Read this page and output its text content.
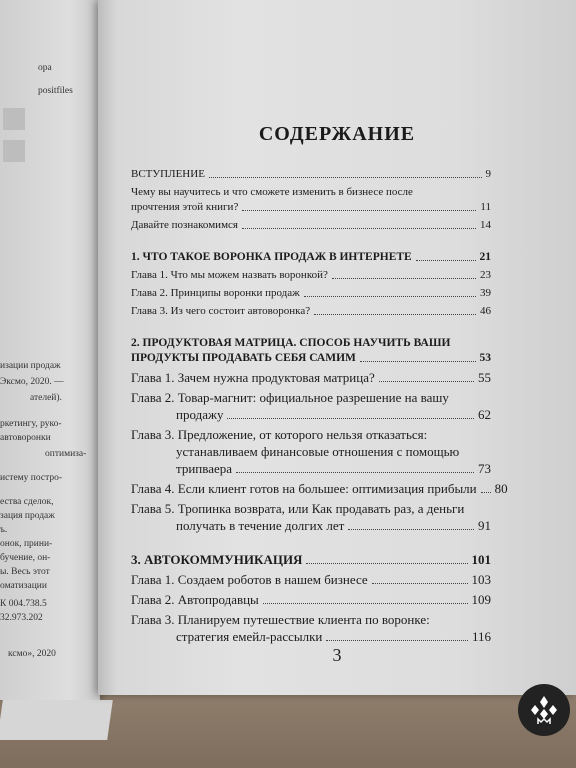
ора
positfiles
изации продаж
Эксмо, 2020. —
ателей).
ркетингу, руко-
автоворонки
оптимиза-
истему постро-
ества сделок,
зация продаж
ъ.
онок, прини-
бучение, он-
ы. Весь этот
оматизации
К 004.738.5
32.973.202
ксмо», 2020
СОДЕРЖАНИЕ
ВСТУПЛЕНИЕ	9
Чему вы научитесь и что сможете изменить в бизнесе после
прочтения этой книги?	11
Давайте познакомимся	14
1. ЧТО ТАКОЕ ВОРОНКА ПРОДАЖ В ИНТЕРНЕТЕ	21
Глава 1. Что мы можем назвать воронкой?	23
Глава 2. Принципы воронки продаж	39
Глава 3. Из чего состоит автоворонка?	46
2. ПРОДУКТОВАЯ МАТРИЦА. СПОСОБ НАУЧИТЬ ВАШИ
ПРОДУКТЫ ПРОДАВАТЬ СЕБЯ САМИМ	53
Глава 1. Зачем нужна продуктовая матрица?	55
Глава 2. Товар-магнит: официальное разрешение на вашу
продажу	62
Глава 3. Предложение, от которого нельзя отказаться:
устанавливаем финансовые отношения с помощью
трипваера	73
Глава 4. Если клиент готов на большее: оптимизация прибыли 80
Глава 5. Тропинка возврата, или Как продавать раз, а деньги
получать в течение долгих лет	91
3. АВТОКОММУНИКАЦИЯ	101
Глава 1. Создаем роботов в нашем бизнесе	103
Глава 2. Автопродавцы	109
Глава 3. Планируем путешествие клиента по воронке:
стратегия емейл-рассылки	116
3
